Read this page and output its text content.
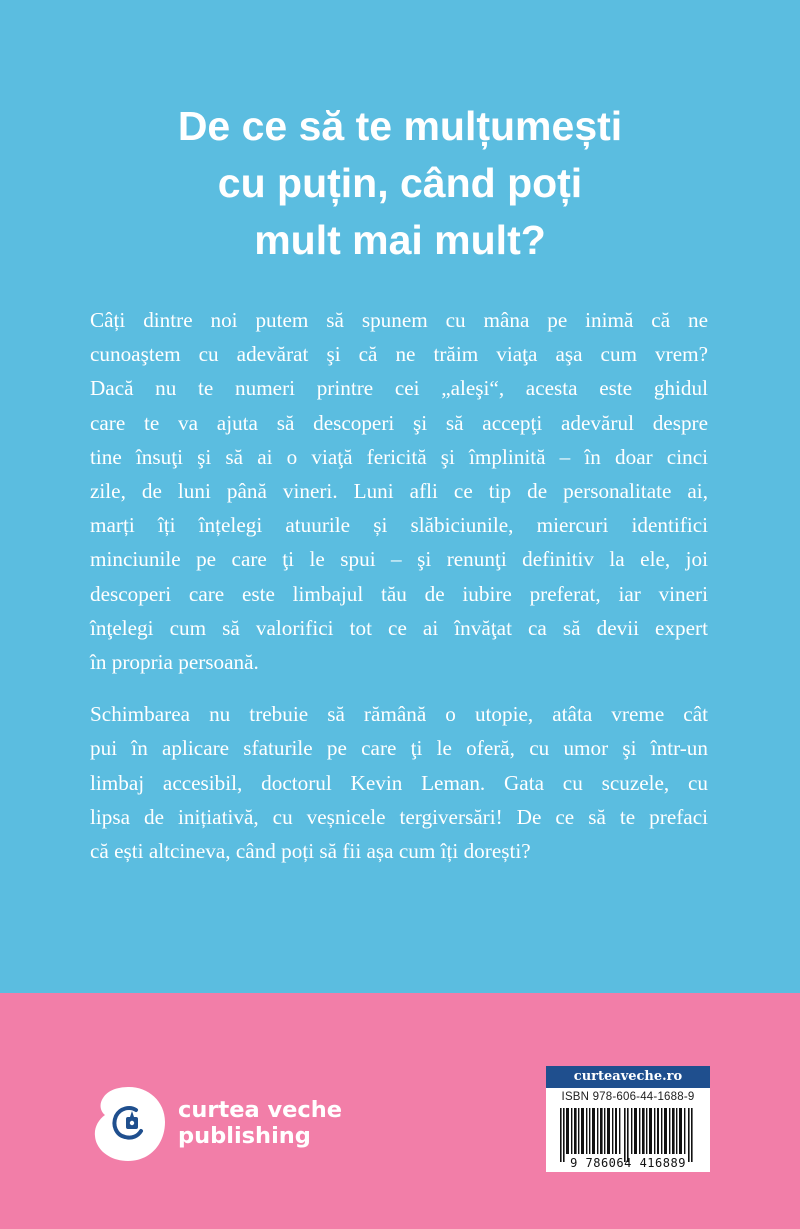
De ce să te mulțumești
cu puțin, când poți
mult mai mult?

Câți dintre noi putem să spunem cu mâna pe inimă că ne
cunoaştem cu adevărat şi că ne trăim viaţa aşa cum vrem?
Dacă nu te numeri printre cei „aleşi“, acesta este ghidul
care te va ajuta să descoperi şi să accepţi adevărul despre
tine însuţi şi să ai o viaţă fericită şi împlinită – în doar cinci
zile, de luni până vineri. Luni afli ce tip de personalitate ai,
marți îți înțelegi atuurile și slăbiciunile, miercuri identifici
minciunile pe care ţi le spui – şi renunţi definitiv la ele, joi
descoperi care este limbajul tău de iubire preferat, iar vineri
înţelegi cum să valorifici tot ce ai învăţat ca să devii expert
în propria persoană.

Schimbarea nu trebuie să rămână o utopie, atâta vreme cât
pui în aplicare sfaturile pe care ţi le oferă, cu umor şi într-un
limbaj accesibil, doctorul Kevin Leman. Gata cu scuzele, cu
lipsa de inițiativă, cu veșnicele tergiversări! De ce să te prefaci
că ești altcineva, când poți să fii așa cum îți dorești?

curtea veche
publishing
curteaveche.ro
ISBN 978-606-44-1688-9
9 786064 416889
